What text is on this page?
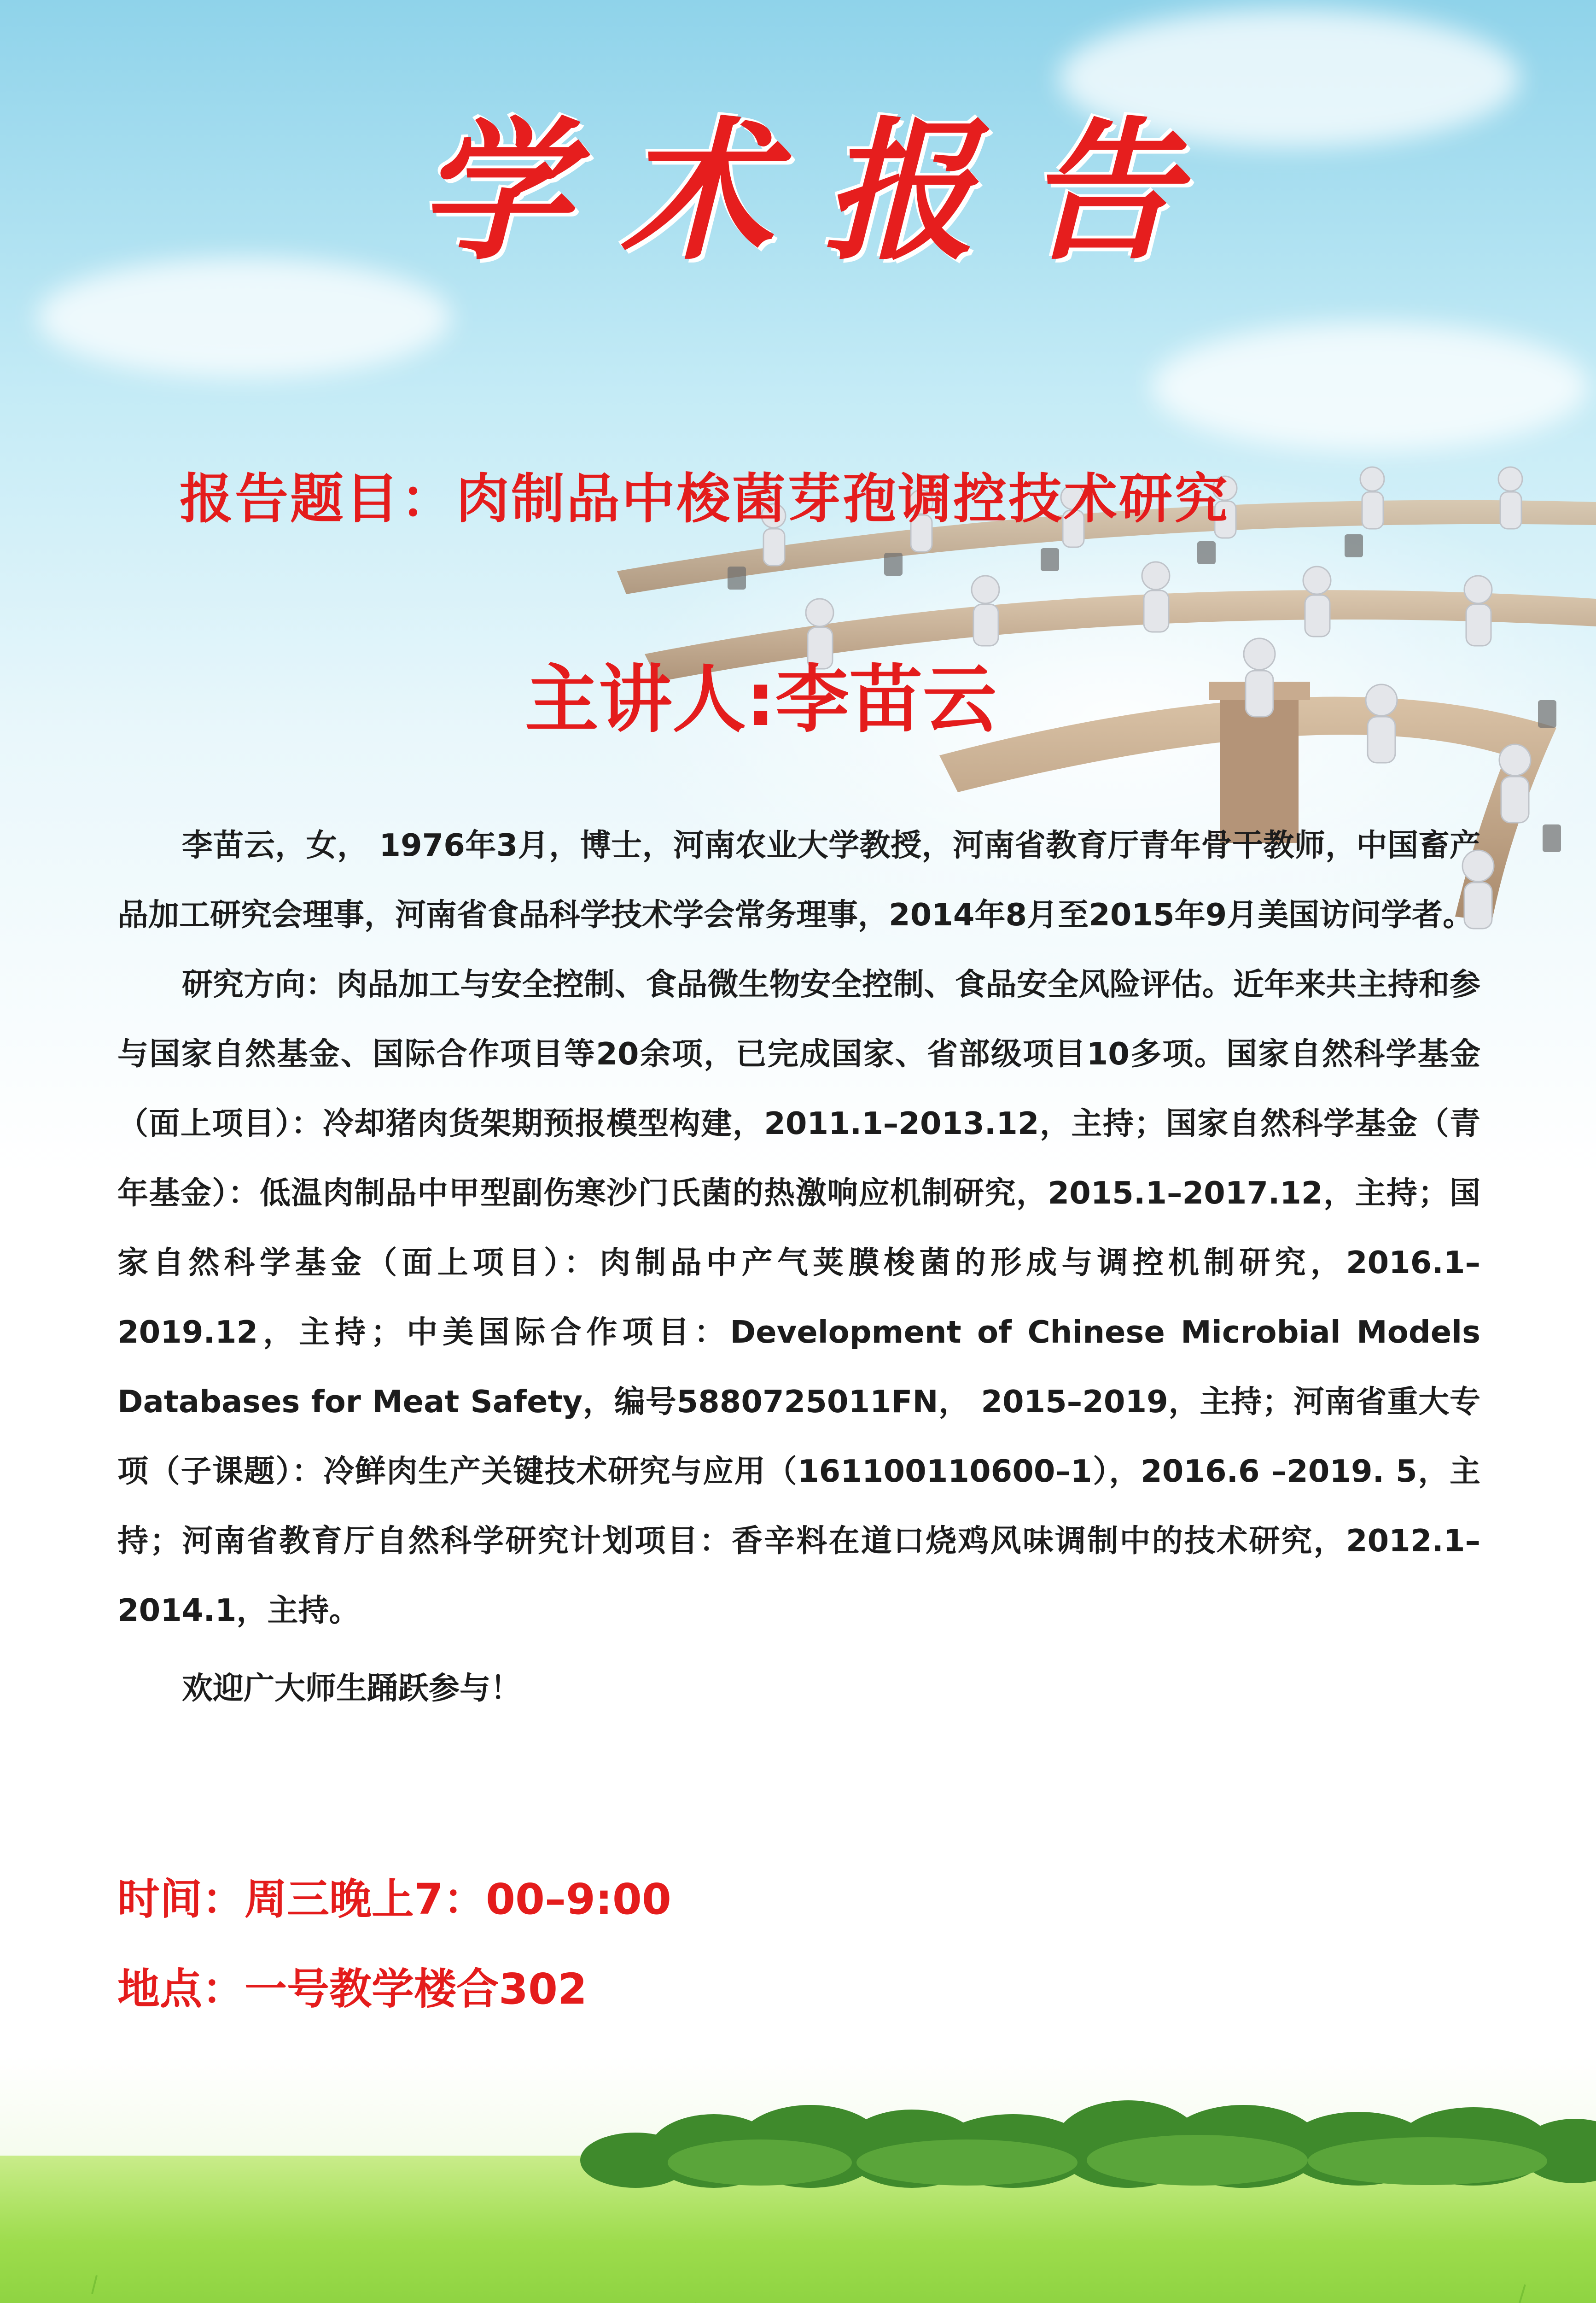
学术报告
报告题目：肉制品中梭菌芽孢调控技术研究
主讲人:李苗云

李苗云，女， 1976年3月，博士，河南农业大学教授，河南省教育厅青年骨干教师，中国畜产品加工研究会理事，河南省食品科学技术学会常务理事，2014年8月至2015年9月美国访问学者。

研究方向：肉品加工与安全控制、食品微生物安全控制、食品安全风险评估。近年来共主持和参与国家自然基金、国际合作项目等20余项，已完成国家、省部级项目10多项。国家自然科学基金（面上项目）：冷却猪肉货架期预报模型构建，2011.1–2013.12，主持；国家自然科学基金（青年基金）：低温肉制品中甲型副伤寒沙门氏菌的热激响应机制研究，2015.1–2017.12，主持；国家自然科学基金（面上项目）：肉制品中产气荚膜梭菌的形成与调控机制研究，2016.1–2019.12，主持；中美国际合作项目：Development of Chinese Microbial Models Databases for Meat Safety，编号5880725011FN， 2015–2019，主持；河南省重大专项（子课题）：冷鲜肉生产关键技术研究与应用（161100110600–1），2016.6 –2019. 5，主持；河南省教育厅自然科学研究计划项目：香辛料在道口烧鸡风味调制中的技术研究，2012.1–2014.1，主持。

欢迎广大师生踊跃参与！

时间：周三晚上7：00–9:00

地点：一号教学楼合302
